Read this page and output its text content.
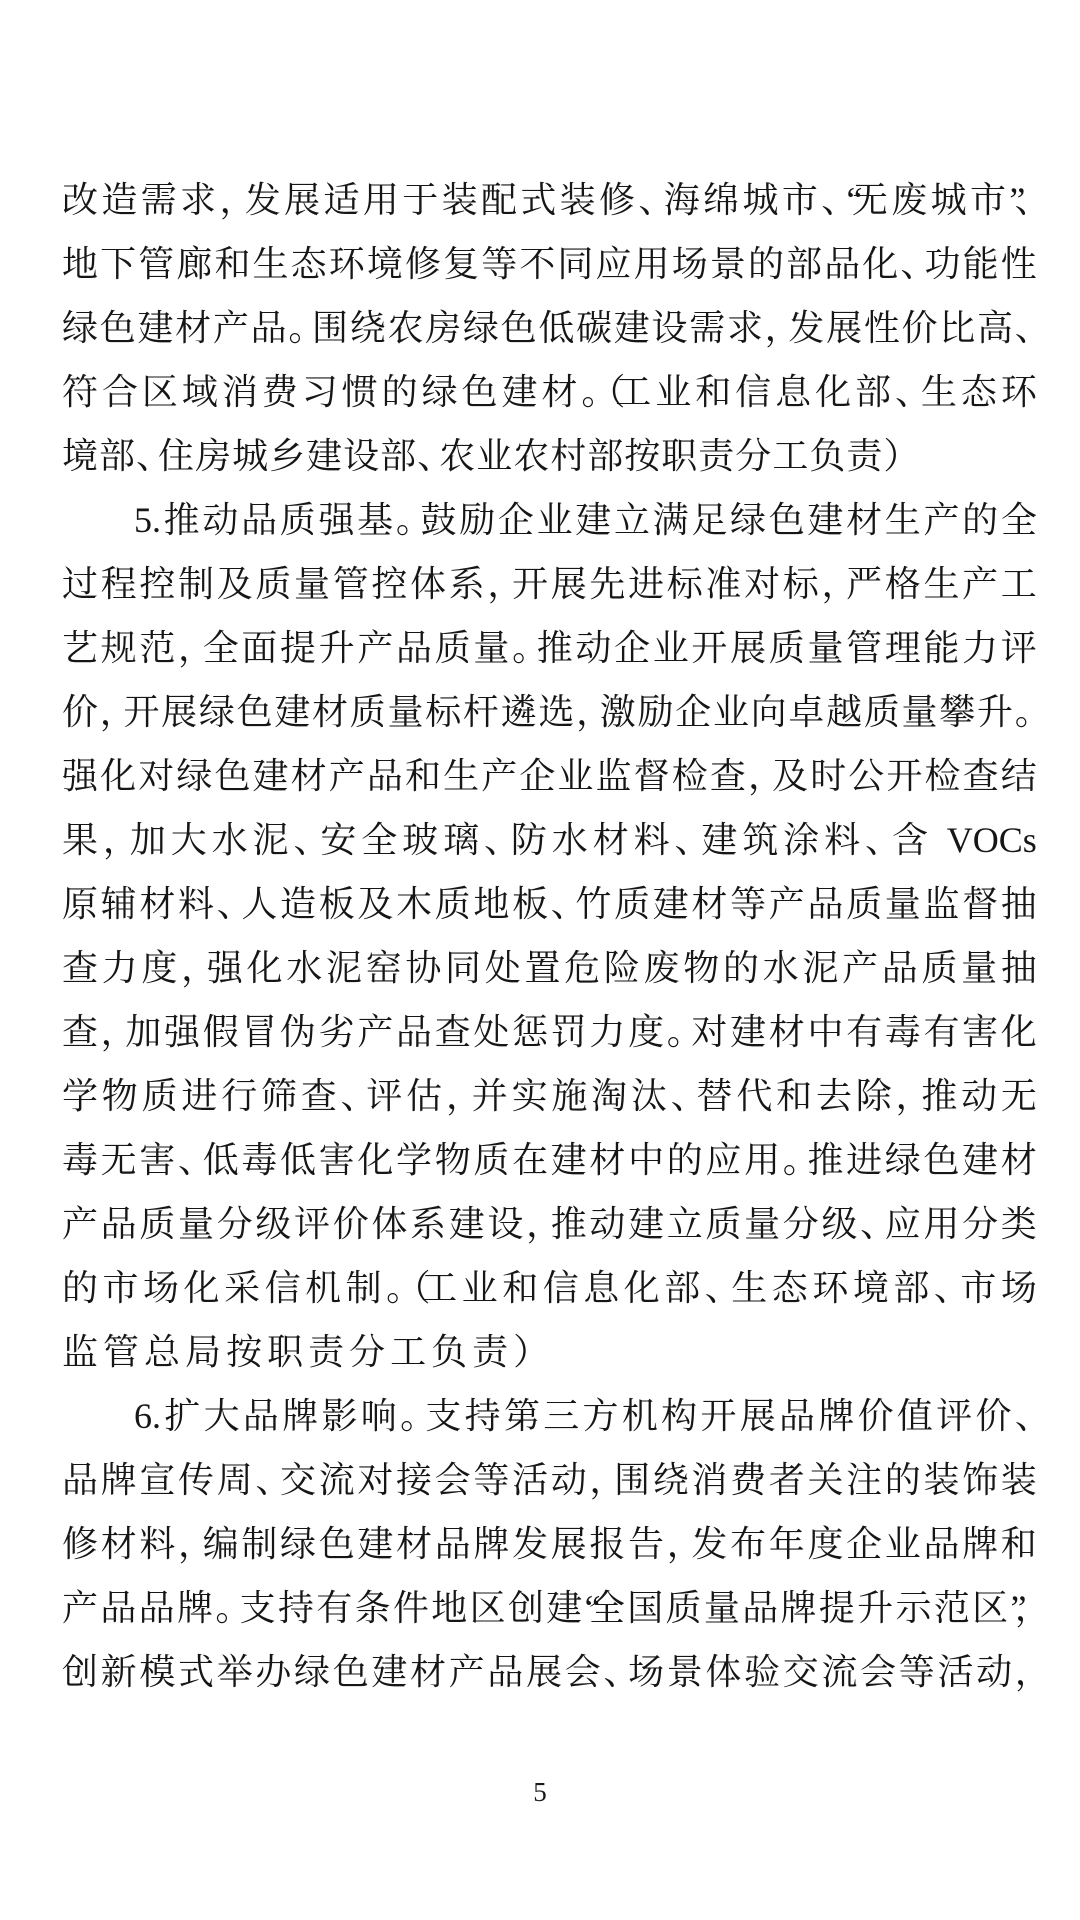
改造需求，发展适用于装配式装修、海绵城市、“无废城市”、
地下管廊和生态环境修复等不同应用场景的部品化、功能性
绿色建材产品。围绕农房绿色低碳建设需求，发展性价比高、
符合区域消费习惯的绿色建材。（工业和信息化部、生态环
境部、住房城乡建设部、农业农村部按职责分工负责）
5.推动品质强基。鼓励企业建立满足绿色建材生产的全
过程控制及质量管控体系，开展先进标准对标，严格生产工
艺规范，全面提升产品质量。推动企业开展质量管理能力评
价，开展绿色建材质量标杆遴选，激励企业向卓越质量攀升。
强化对绿色建材产品和生产企业监督检查，及时公开检查结
果，加大水泥、安全玻璃、防水材料、建筑涂料、含 VOCs
原辅材料、人造板及木质地板、竹质建材等产品质量监督抽
查力度，强化水泥窑协同处置危险废物的水泥产品质量抽
查，加强假冒伪劣产品查处惩罚力度。对建材中有毒有害化
学物质进行筛查、评估，并实施淘汰、替代和去除，推动无
毒无害、低毒低害化学物质在建材中的应用。推进绿色建材
产品质量分级评价体系建设，推动建立质量分级、应用分类
的市场化采信机制。（工业和信息化部、生态环境部、市场
监管总局按职责分工负责）
6.扩大品牌影响。支持第三方机构开展品牌价值评价、
品牌宣传周、交流对接会等活动，围绕消费者关注的装饰装
修材料，编制绿色建材品牌发展报告，发布年度企业品牌和
产品品牌。支持有条件地区创建“全国质量品牌提升示范区”，
创新模式举办绿色建材产品展会、场景体验交流会等活动，
5
